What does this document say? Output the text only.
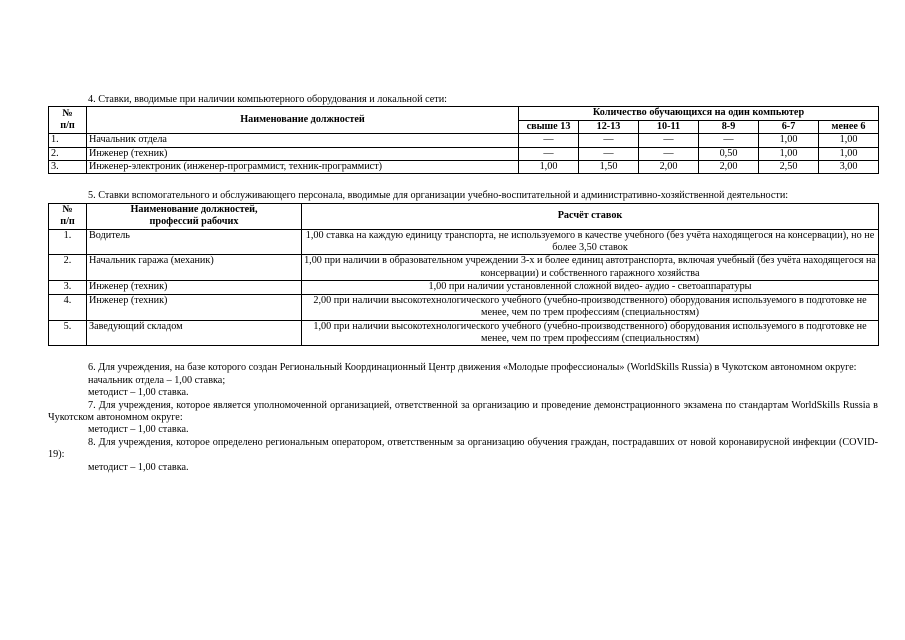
4. Ставки, вводимые при наличии компьютерного оборудования и локальной сети:

№
п/п	Наименование должностей	Количество обучающихся на один компьютер					
		свыше 13	12-13	10-11	8-9	6-7	менее 6
1.	Начальник отдела	—	—	—	—	1,00	1,00
2.	Инженер (техник)	—	—	—	0,50	1,00	1,00
3.	Инженер-электроник (инженер-программист, техник-программист)	1,00	1,50	2,00	2,00	2,50	3,00

5. Ставки вспомогательного и обслуживающего персонала, вводимые для организации учебно-воспитательной и административно-хозяйственной деятельности:

№
п/п	Наименование должностей,
профессий рабочих	Расчёт ставок
1.	Водитель	1,00 ставка на каждую единицу транспорта, не используемого в качестве учебного (без учёта находящегося на консервации), но не более 3,50 ставок
2.	Начальник гаража (механик)	1,00 при наличии в образовательном учреждении 3-х и более единиц автотранспорта, включая учебный (без учёта находящегося на консервации) и собственного гаражного хозяйства
3.	Инженер (техник)	1,00 при наличии установленной сложной видео- аудио - светоаппаратуры
4.	Инженер (техник)	2,00 при наличии высокотехнологического учебного (учебно-производственного) оборудования используемого в подготовке не менее, чем по трем профессиям (специальностям)
5.	Заведующий складом	1,00 при наличии высокотехнологического учебного (учебно-производственного) оборудования используемого в подготовке не менее, чем по трем профессиям (специальностям)

6. Для учреждения, на базе которого создан Региональный Координационный Центр движения «Молодые профессионалы» (WorldSkills Russia) в Чукотском автономном округе:

начальник отдела – 1,00 ставка;

методист – 1,00 ставка.

7. Для учреждения, которое является уполномоченной организацией, ответственной за организацию и проведение демонстрационного экзамена по стандартам WorldSkills Russia в Чукотском автономном округе:

методист – 1,00 ставка.

8. Для учреждения, которое определено региональным оператором, ответственным за организацию обучения граждан, пострадавших от новой коронавирусной инфекции (COVID-19):

методист – 1,00 ставка.
